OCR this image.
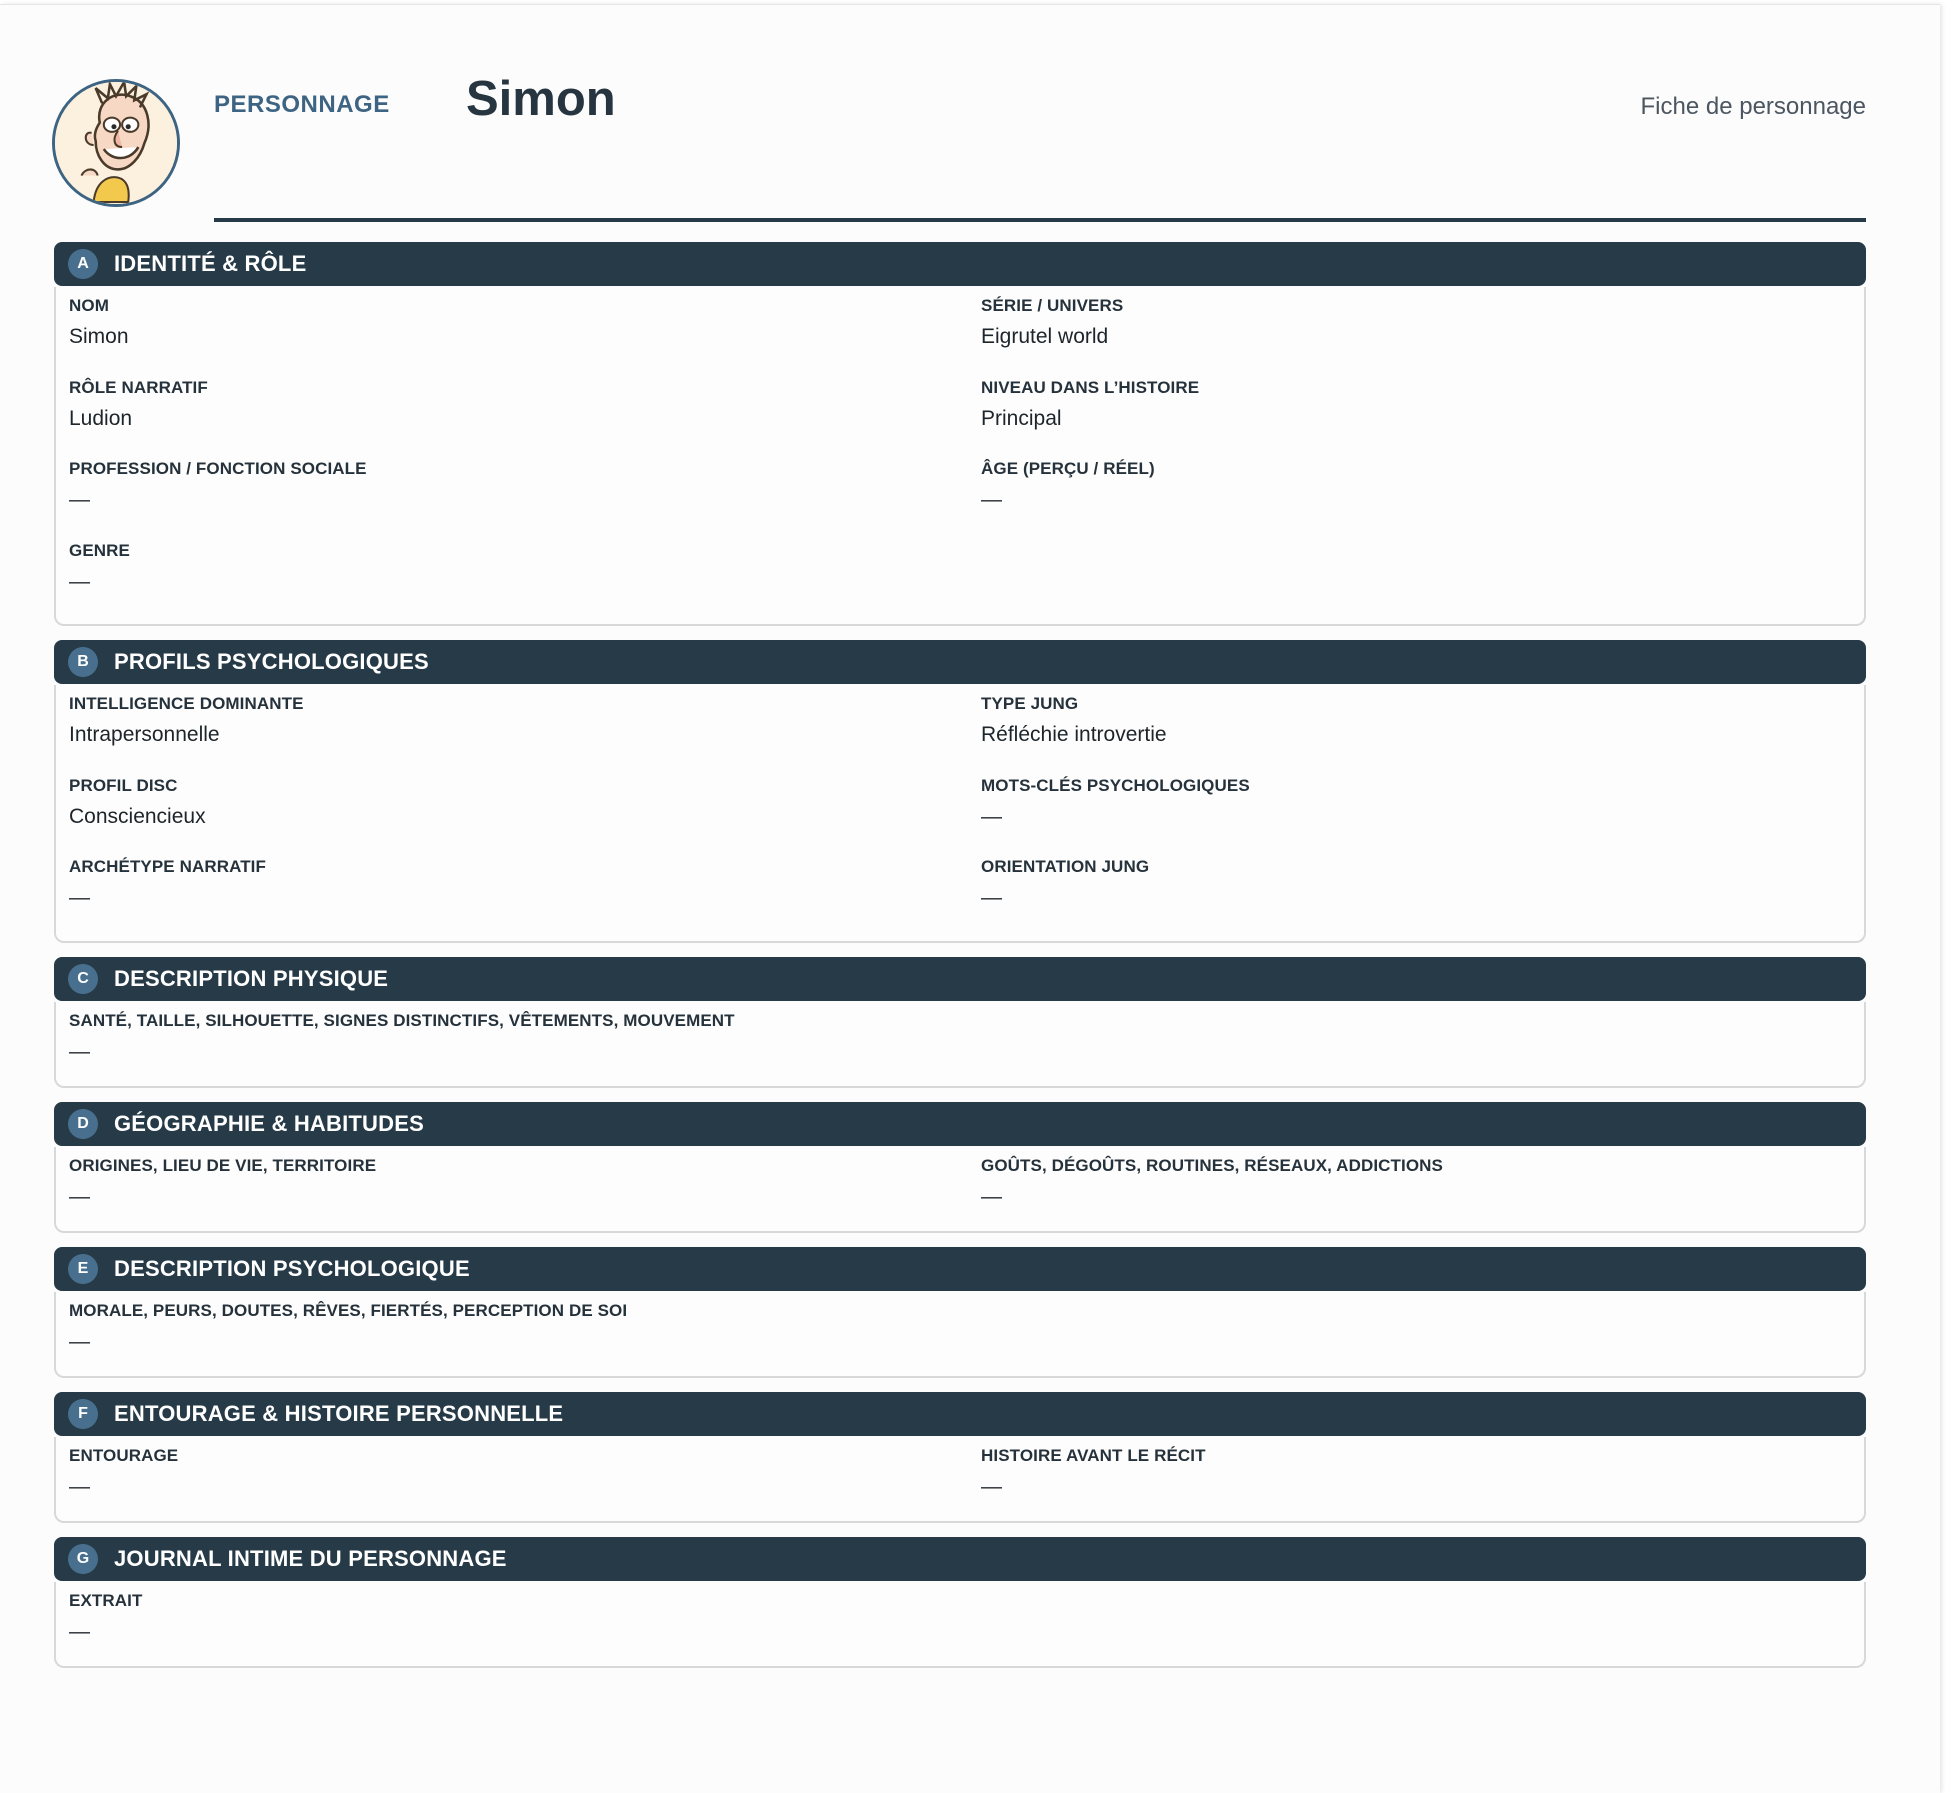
PERSONNAGE Simon	Fiche de personnage
A	IDENTITÉ & RÔLE
NOM
Simon
SÉRIE / UNIVERS
Eigrutel world
RÔLE NARRATIF
Ludion
NIVEAU DANS L’HISTOIRE
Principal
PROFESSION / FONCTION SOCIALE
—
ÂGE (PERÇU / RÉEL)
—
GENRE
—
B	PROFILS PSYCHOLOGIQUES
INTELLIGENCE DOMINANTE
Intrapersonnelle
TYPE JUNG
Réfléchie introvertie
PROFIL DISC
Consciencieux
MOTS-CLÉS PSYCHOLOGIQUES
—
ARCHÉTYPE NARRATIF
—
ORIENTATION JUNG
—
C	DESCRIPTION PHYSIQUE
SANTÉ, TAILLE, SILHOUETTE, SIGNES DISTINCTIFS, VÊTEMENTS, MOUVEMENT
—
D	GÉOGRAPHIE & HABITUDES
ORIGINES, LIEU DE VIE, TERRITOIRE
—
GOÛTS, DÉGOÛTS, ROUTINES, RÉSEAUX, ADDICTIONS
—
E	DESCRIPTION PSYCHOLOGIQUE
MORALE, PEURS, DOUTES, RÊVES, FIERTÉS, PERCEPTION DE SOI
—
F	ENTOURAGE & HISTOIRE PERSONNELLE
ENTOURAGE
—
HISTOIRE AVANT LE RÉCIT
—
G	JOURNAL INTIME DU PERSONNAGE
EXTRAIT
—
